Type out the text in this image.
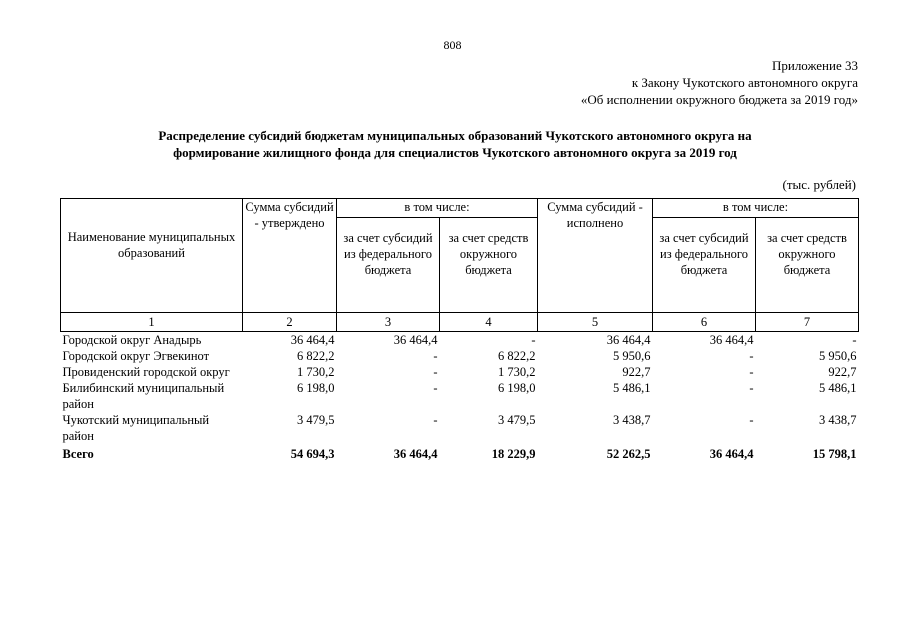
808
Приложение 33
к Закону Чукотского автономного округа
«Об исполнении окружного бюджета за 2019 год»
Распределение субсидий бюджетам муниципальных образований Чукотского автономного округа на
формирование жилищного фонда для специалистов Чукотского автономного округа за 2019 год
(тыс. рублей)
Наименование муниципальных образований	Сумма субсидий - утверждено	в том числе:		Сумма субсидий - исполнено	в том числе:	
		за счет субсидий из федерального бюджета	за счет средств окружного бюджета		за счет субсидий из федерального бюджета	за счет средств окружного бюджета
1	2	3	4	5	6	7
Городской округ Анадырь	36 464,4	36 464,4	-	36 464,4	36 464,4	-
Городской округ Эгвекинот	6 822,2	-	6 822,2	5 950,6	-	5 950,6
Провиденский городской округ	1 730,2	-	1 730,2	922,7	-	922,7
Билибинский муниципальный район	6 198,0	-	6 198,0	5 486,1	-	5 486,1
Чукотский муниципальный район	3 479,5	-	3 479,5	3 438,7	-	3 438,7
Всего	54 694,3	36 464,4	18 229,9	52 262,5	36 464,4	15 798,1
